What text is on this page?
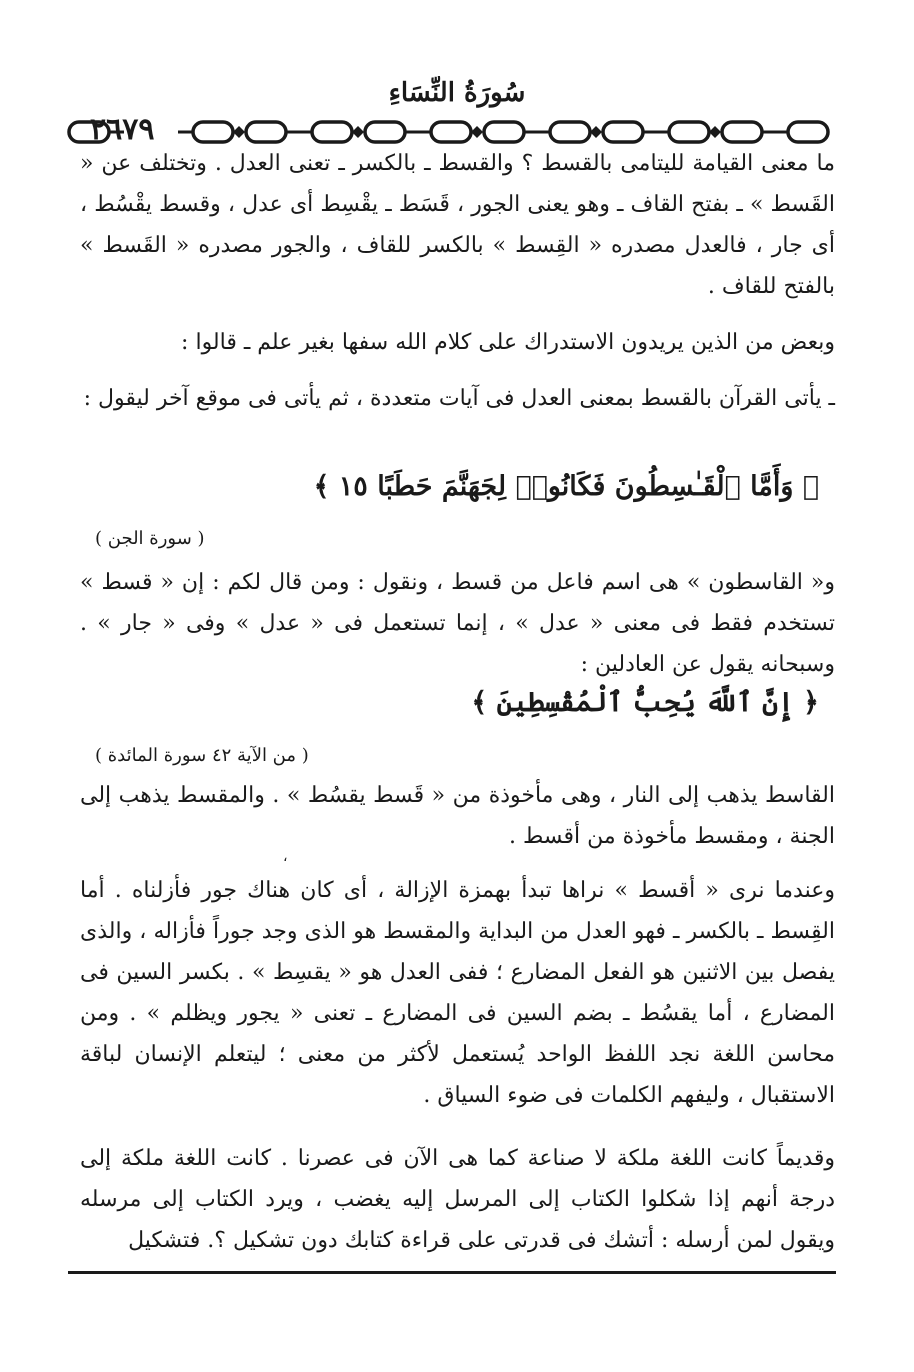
سُورَةُ النِّسَاءِ
٢٦٧٩

ما معنى القيامة لليتامى بالقسط ؟ والقسط ـ بالكسر ـ تعنى العدل . وتختلف عن « القَسط » ـ بفتح القاف ـ وهو يعنى الجور ، قَسَط ـ يقْسِط أى عدل ، وقسط يقْسُط ، أى جار ، فالعدل مصدره « القِسط » بالكسر للقاف ، والجور مصدره « القَسط » بالفتح للقاف .

وبعض من الذين يريدون الاستدراك على كلام الله سفها بغير علم ـ قالوا :

ـ يأتى القرآن بالقسط بمعنى العدل فى آيات متعددة ، ثم يأتى فى موقع آخر ليقول :

﴿ وَأَمَّا ٱلْقَـٰسِطُونَ فَكَانُوا۟ لِجَهَنَّمَ حَطَبًا ١٥ ﴾
( سورة الجن )

و« القاسطون » هى اسم فاعل من قسط ، ونقول : ومن قال لكم : إن « قسط » تستخدم فقط فى معنى « عدل » ، إنما تستعمل فى « عدل » وفى « جار » . وسبحانه يقول عن العادلين :

﴿ إِنَّ ٱللَّهَ يُحِبُّ ٱلْمُقْسِطِينَ ﴾
( من الآية ٤٢ سورة المائدة )

القاسط يذهب إلى النار ، وهى مأخوذة من « قَسط يقسُط » . والمقسط يذهب إلى الجنة ، ومقسط مأخوذة من أقسط .

،

وعندما نرى « أقسط » نراها تبدأ بهمزة الإزالة ، أى كان هناك جور فأزلناه . أما القِسط ـ بالكسر ـ فهو العدل من البداية والمقسط هو الذى وجد جوراً فأزاله ، والذى يفصل بين الاثنين هو الفعل المضارع ؛ ففى العدل هو « يقسِط » . بكسر السين فى المضارع ، أما يقسُط ـ بضم السين فى المضارع ـ تعنى « يجور ويظلم » . ومن محاسن اللغة نجد اللفظ الواحد يُستعمل لأكثر من معنى ؛ ليتعلم الإنسان لباقة الاستقبال ، وليفهم الكلمات فى ضوء السياق .

وقديماً كانت اللغة ملكة لا صناعة كما هى الآن فى عصرنا . كانت اللغة ملكة إلى درجة أنهم إذا شكلوا الكتاب إلى المرسل إليه يغضب ، ويرد الكتاب إلى مرسله ويقول لمن أرسله : أتشك فى قدرتى على قراءة كتابك دون تشكيل ؟. فتشكيل
